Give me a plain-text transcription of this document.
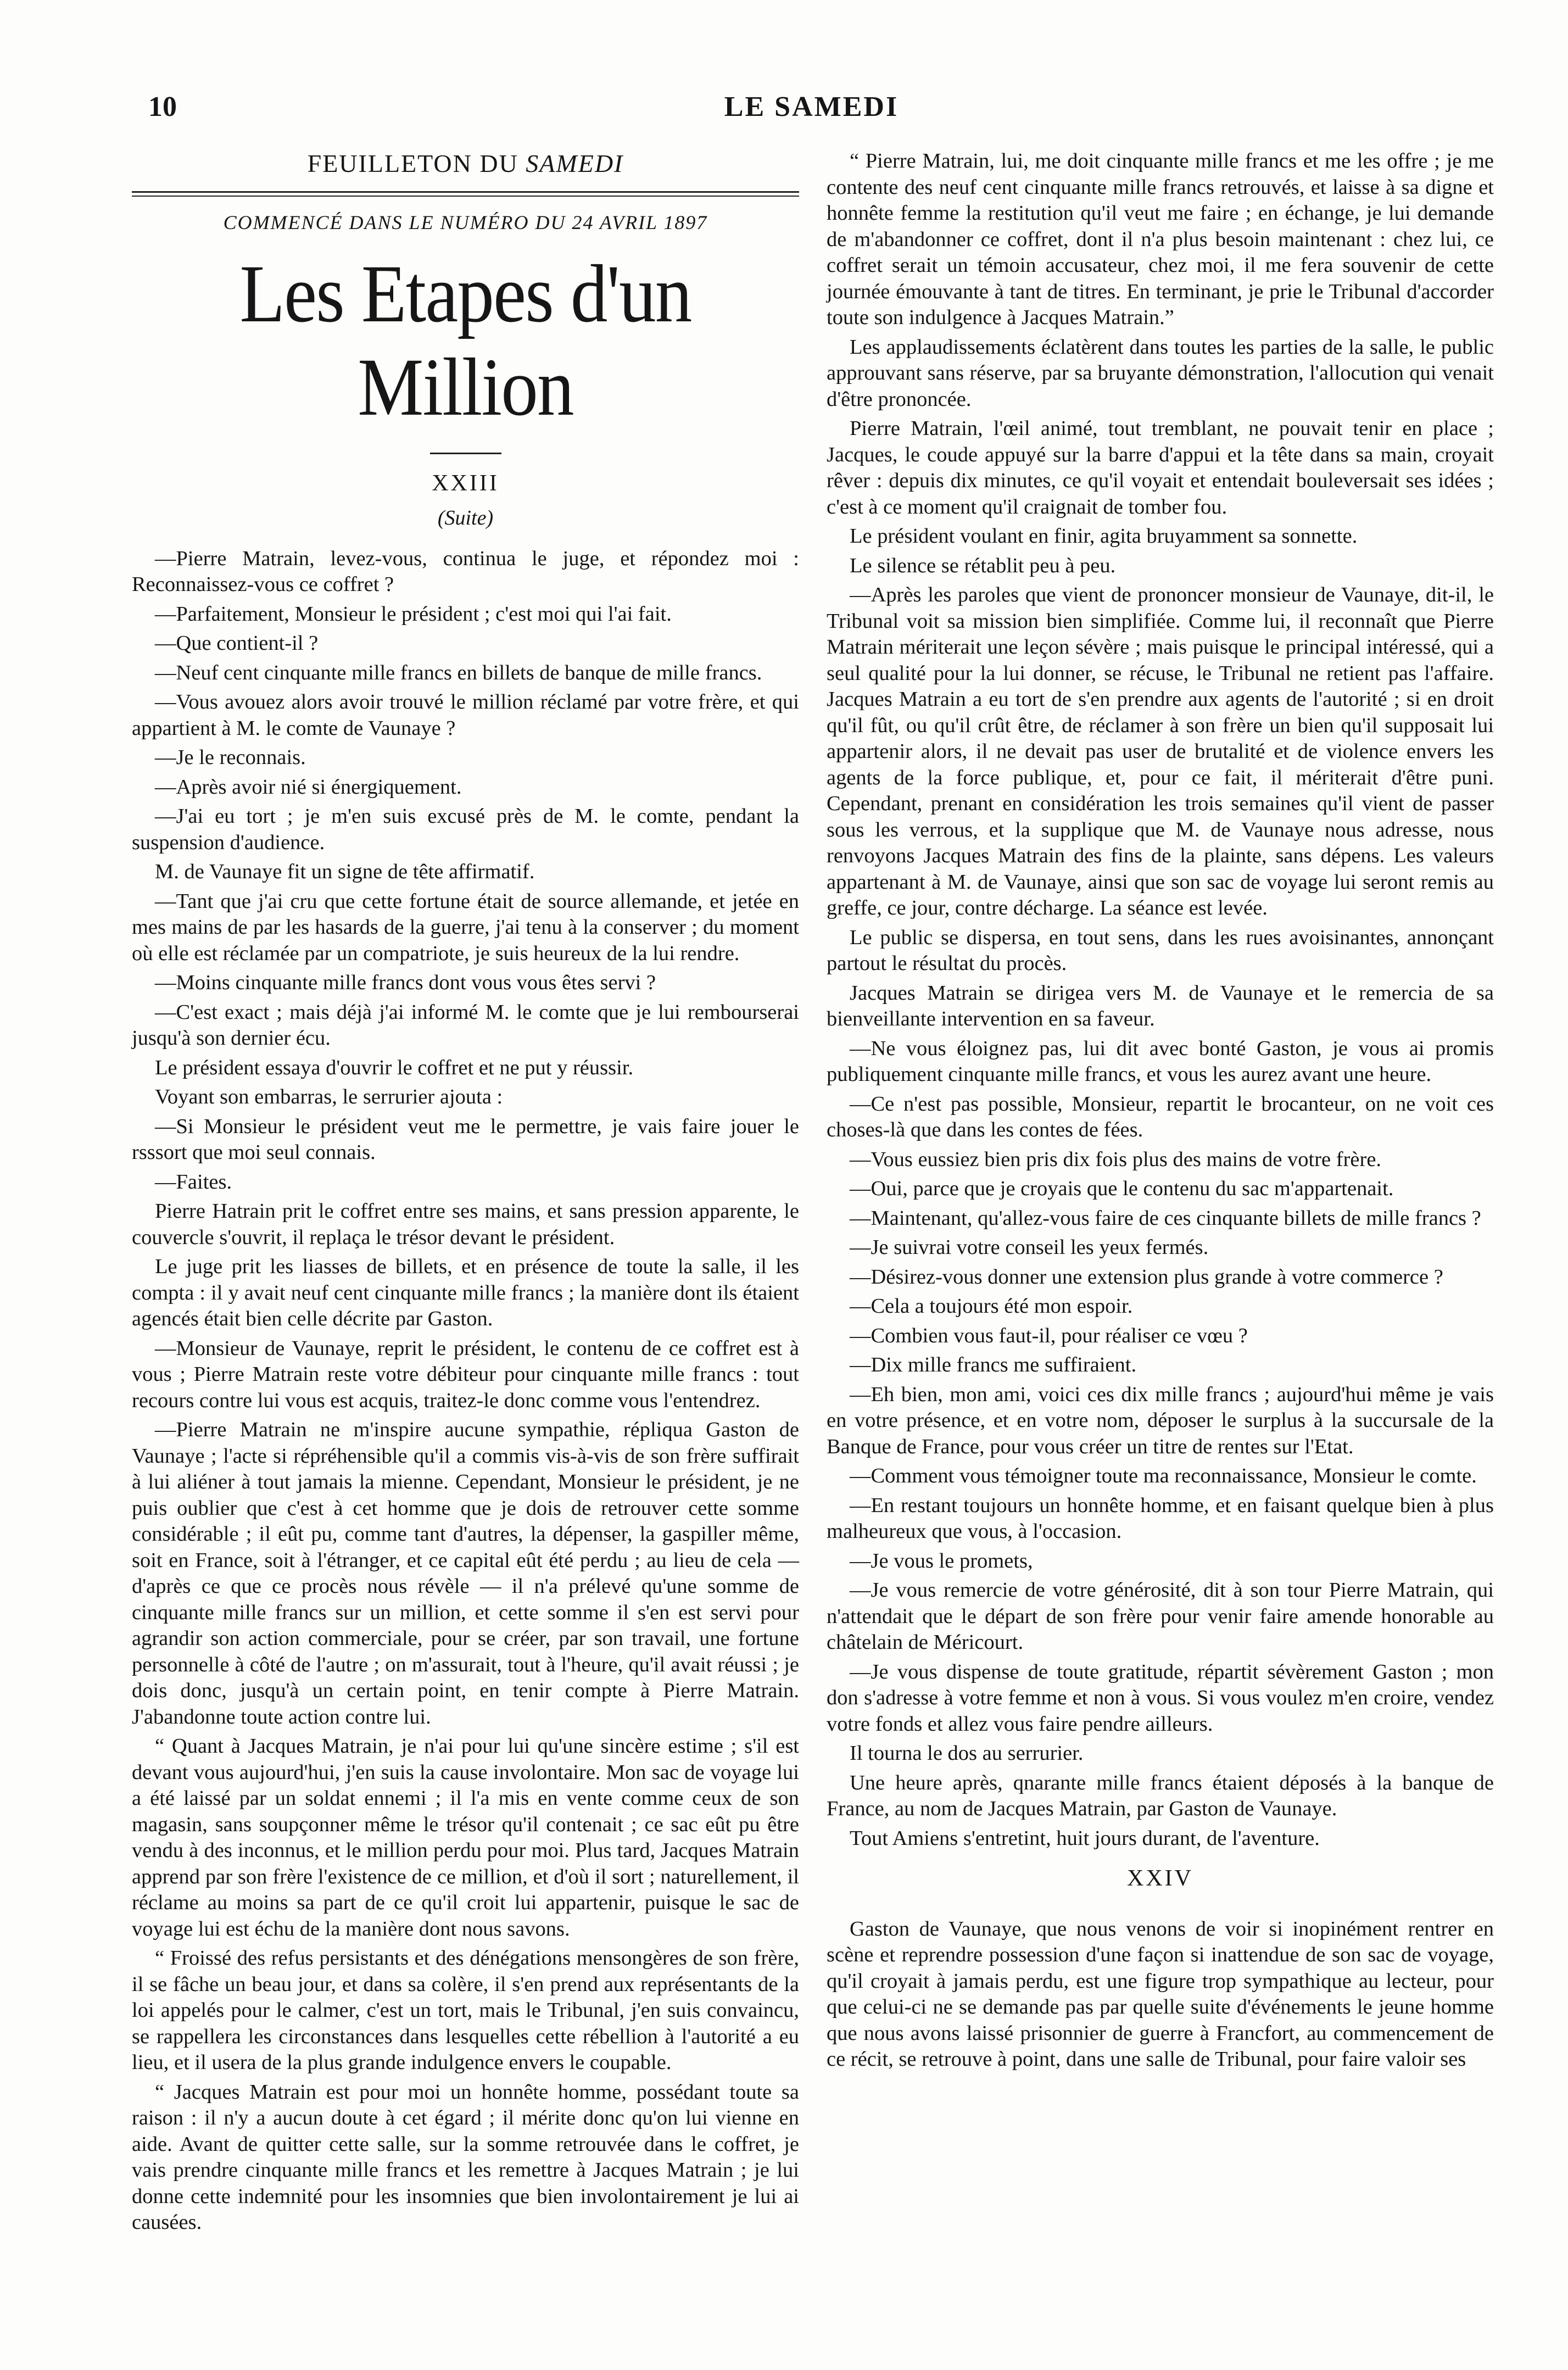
10	LE SAMEDI
FEUILLETON DU SAMEDI
COMMENCÉ DANS LE NUMÉRO DU 24 AVRIL 1897
Les Etapes d'un Million
XXIII
(Suite)

—Pierre Matrain, levez-vous, continua le juge, et répondez moi : Reconnaissez-vous ce coffret ?

—Parfaitement, Monsieur le président ; c'est moi qui l'ai fait.

—Que contient-il ?

—Neuf cent cinquante mille francs en billets de banque de mille francs.

—Vous avouez alors avoir trouvé le million réclamé par votre frère, et qui appartient à M. le comte de Vaunaye ?

—Je le reconnais.

—Après avoir nié si énergiquement.

—J'ai eu tort ; je m'en suis excusé près de M. le comte, pendant la suspension d'audience.

M. de Vaunaye fit un signe de tête affirmatif.

—Tant que j'ai cru que cette fortune était de source allemande, et jetée en mes mains de par les hasards de la guerre, j'ai tenu à la conserver ; du moment où elle est réclamée par un compatriote, je suis heureux de la lui rendre.

—Moins cinquante mille francs dont vous vous êtes servi ?

—C'est exact ; mais déjà j'ai informé M. le comte que je lui rembourserai jusqu'à son dernier écu.

Le président essaya d'ouvrir le coffret et ne put y réussir.

Voyant son embarras, le serrurier ajouta :

—Si Monsieur le président veut me le permettre, je vais faire jouer le rsssort que moi seul connais.

—Faites.

Pierre Hatrain prit le coffret entre ses mains, et sans pression apparente, le couvercle s'ouvrit, il replaça le trésor devant le président.

Le juge prit les liasses de billets, et en présence de toute la salle, il les compta : il y avait neuf cent cinquante mille francs ; la manière dont ils étaient agencés était bien celle décrite par Gaston.

—Monsieur de Vaunaye, reprit le président, le contenu de ce coffret est à vous ; Pierre Matrain reste votre débiteur pour cinquante mille francs : tout recours contre lui vous est acquis, traitez-le donc comme vous l'entendrez.

—Pierre Matrain ne m'inspire aucune sympathie, répliqua Gaston de Vaunaye ; l'acte si répréhensible qu'il a commis vis-à-vis de son frère suffirait à lui aliéner à tout jamais la mienne. Cependant, Monsieur le président, je ne puis oublier que c'est à cet homme que je dois de retrouver cette somme considérable ; il eût pu, comme tant d'autres, la dépenser, la gaspiller même, soit en France, soit à l'étranger, et ce capital eût été perdu ; au lieu de cela — d'après ce que ce procès nous révèle — il n'a prélevé qu'une somme de cinquante mille francs sur un million, et cette somme il s'en est servi pour agrandir son action commerciale, pour se créer, par son travail, une fortune personnelle à côté de l'autre ; on m'assurait, tout à l'heure, qu'il avait réussi ; je dois donc, jusqu'à un certain point, en tenir compte à Pierre Matrain. J'abandonne toute action contre lui.

“ Quant à Jacques Matrain, je n'ai pour lui qu'une sincère estime ; s'il est devant vous aujourd'hui, j'en suis la cause involontaire. Mon sac de voyage lui a été laissé par un soldat ennemi ; il l'a mis en vente comme ceux de son magasin, sans soupçonner même le trésor qu'il contenait ; ce sac eût pu être vendu à des inconnus, et le million perdu pour moi. Plus tard, Jacques Matrain apprend par son frère l'existence de ce million, et d'où il sort ; naturellement, il réclame au moins sa part de ce qu'il croit lui appartenir, puisque le sac de voyage lui est échu de la manière dont nous savons.

“ Froissé des refus persistants et des dénégations mensongères de son frère, il se fâche un beau jour, et dans sa colère, il s'en prend aux représentants de la loi appelés pour le calmer, c'est un tort, mais le Tribunal, j'en suis convaincu, se rappellera les circonstances dans lesquelles cette rébellion à l'autorité a eu lieu, et il usera de la plus grande indulgence envers le coupable.

“ Jacques Matrain est pour moi un honnête homme, possédant toute sa raison : il n'y a aucun doute à cet égard ; il mérite donc qu'on lui vienne en aide. Avant de quitter cette salle, sur la somme retrouvée dans le coffret, je vais prendre cinquante mille francs et les remettre à Jacques Matrain ; je lui donne cette indemnité pour les insomnies que bien involontairement je lui ai causées.

“ Pierre Matrain, lui, me doit cinquante mille francs et me les offre ; je me contente des neuf cent cinquante mille francs retrouvés, et laisse à sa digne et honnête femme la restitution qu'il veut me faire ; en échange, je lui demande de m'abandonner ce coffret, dont il n'a plus besoin maintenant : chez lui, ce coffret serait un témoin accusateur, chez moi, il me fera souvenir de cette journée émouvante à tant de titres. En terminant, je prie le Tribunal d'accorder toute son indulgence à Jacques Matrain.”

Les applaudissements éclatèrent dans toutes les parties de la salle, le public approuvant sans réserve, par sa bruyante démonstration, l'allocution qui venait d'être prononcée.

Pierre Matrain, l'œil animé, tout tremblant, ne pouvait tenir en place ; Jacques, le coude appuyé sur la barre d'appui et la tête dans sa main, croyait rêver : depuis dix minutes, ce qu'il voyait et entendait bouleversait ses idées ; c'est à ce moment qu'il craignait de tomber fou.

Le président voulant en finir, agita bruyamment sa sonnette.

Le silence se rétablit peu à peu.

—Après les paroles que vient de prononcer monsieur de Vaunaye, dit-il, le Tribunal voit sa mission bien simplifiée. Comme lui, il reconnaît que Pierre Matrain mériterait une leçon sévère ; mais puisque le principal intéressé, qui a seul qualité pour la lui donner, se récuse, le Tribunal ne retient pas l'affaire. Jacques Matrain a eu tort de s'en prendre aux agents de l'autorité ; si en droit qu'il fût, ou qu'il crût être, de réclamer à son frère un bien qu'il supposait lui appartenir alors, il ne devait pas user de brutalité et de violence envers les agents de la force publique, et, pour ce fait, il mériterait d'être puni. Cependant, prenant en considération les trois semaines qu'il vient de passer sous les verrous, et la supplique que M. de Vaunaye nous adresse, nous renvoyons Jacques Matrain des fins de la plainte, sans dépens. Les valeurs appartenant à M. de Vaunaye, ainsi que son sac de voyage lui seront remis au greffe, ce jour, contre décharge. La séance est levée.

Le public se dispersa, en tout sens, dans les rues avoisinantes, annonçant partout le résultat du procès.

Jacques Matrain se dirigea vers M. de Vaunaye et le remercia de sa bienveillante intervention en sa faveur.

—Ne vous éloignez pas, lui dit avec bonté Gaston, je vous ai promis publiquement cinquante mille francs, et vous les aurez avant une heure.

—Ce n'est pas possible, Monsieur, repartit le brocanteur, on ne voit ces choses-là que dans les contes de fées.

—Vous eussiez bien pris dix fois plus des mains de votre frère.

—Oui, parce que je croyais que le contenu du sac m'appartenait.

—Maintenant, qu'allez-vous faire de ces cinquante billets de mille francs ?

—Je suivrai votre conseil les yeux fermés.

—Désirez-vous donner une extension plus grande à votre commerce ?

—Cela a toujours été mon espoir.

—Combien vous faut-il, pour réaliser ce vœu ?

—Dix mille francs me suffiraient.

—Eh bien, mon ami, voici ces dix mille francs ; aujourd'hui même je vais en votre présence, et en votre nom, déposer le surplus à la succursale de la Banque de France, pour vous créer un titre de rentes sur l'Etat.

—Comment vous témoigner toute ma reconnaissance, Monsieur le comte.

—En restant toujours un honnête homme, et en faisant quelque bien à plus malheureux que vous, à l'occasion.

—Je vous le promets,

—Je vous remercie de votre générosité, dit à son tour Pierre Matrain, qui n'attendait que le départ de son frère pour venir faire amende honorable au châtelain de Méricourt.

—Je vous dispense de toute gratitude, répartit sévèrement Gaston ; mon don s'adresse à votre femme et non à vous. Si vous voulez m'en croire, vendez votre fonds et allez vous faire pendre ailleurs.

Il tourna le dos au serrurier.

Une heure après, qnarante mille francs étaient déposés à la banque de France, au nom de Jacques Matrain, par Gaston de Vaunaye.

Tout Amiens s'entretint, huit jours durant, de l'aventure.

XXIV

Gaston de Vaunaye, que nous venons de voir si inopinément rentrer en scène et reprendre possession d'une façon si inattendue de son sac de voyage, qu'il croyait à jamais perdu, est une figure trop sympathique au lecteur, pour que celui-ci ne se demande pas par quelle suite d'événements le jeune homme que nous avons laissé prisonnier de guerre à Francfort, au commencement de ce récit, se retrouve à point, dans une salle de Tribunal, pour faire valoir ses
